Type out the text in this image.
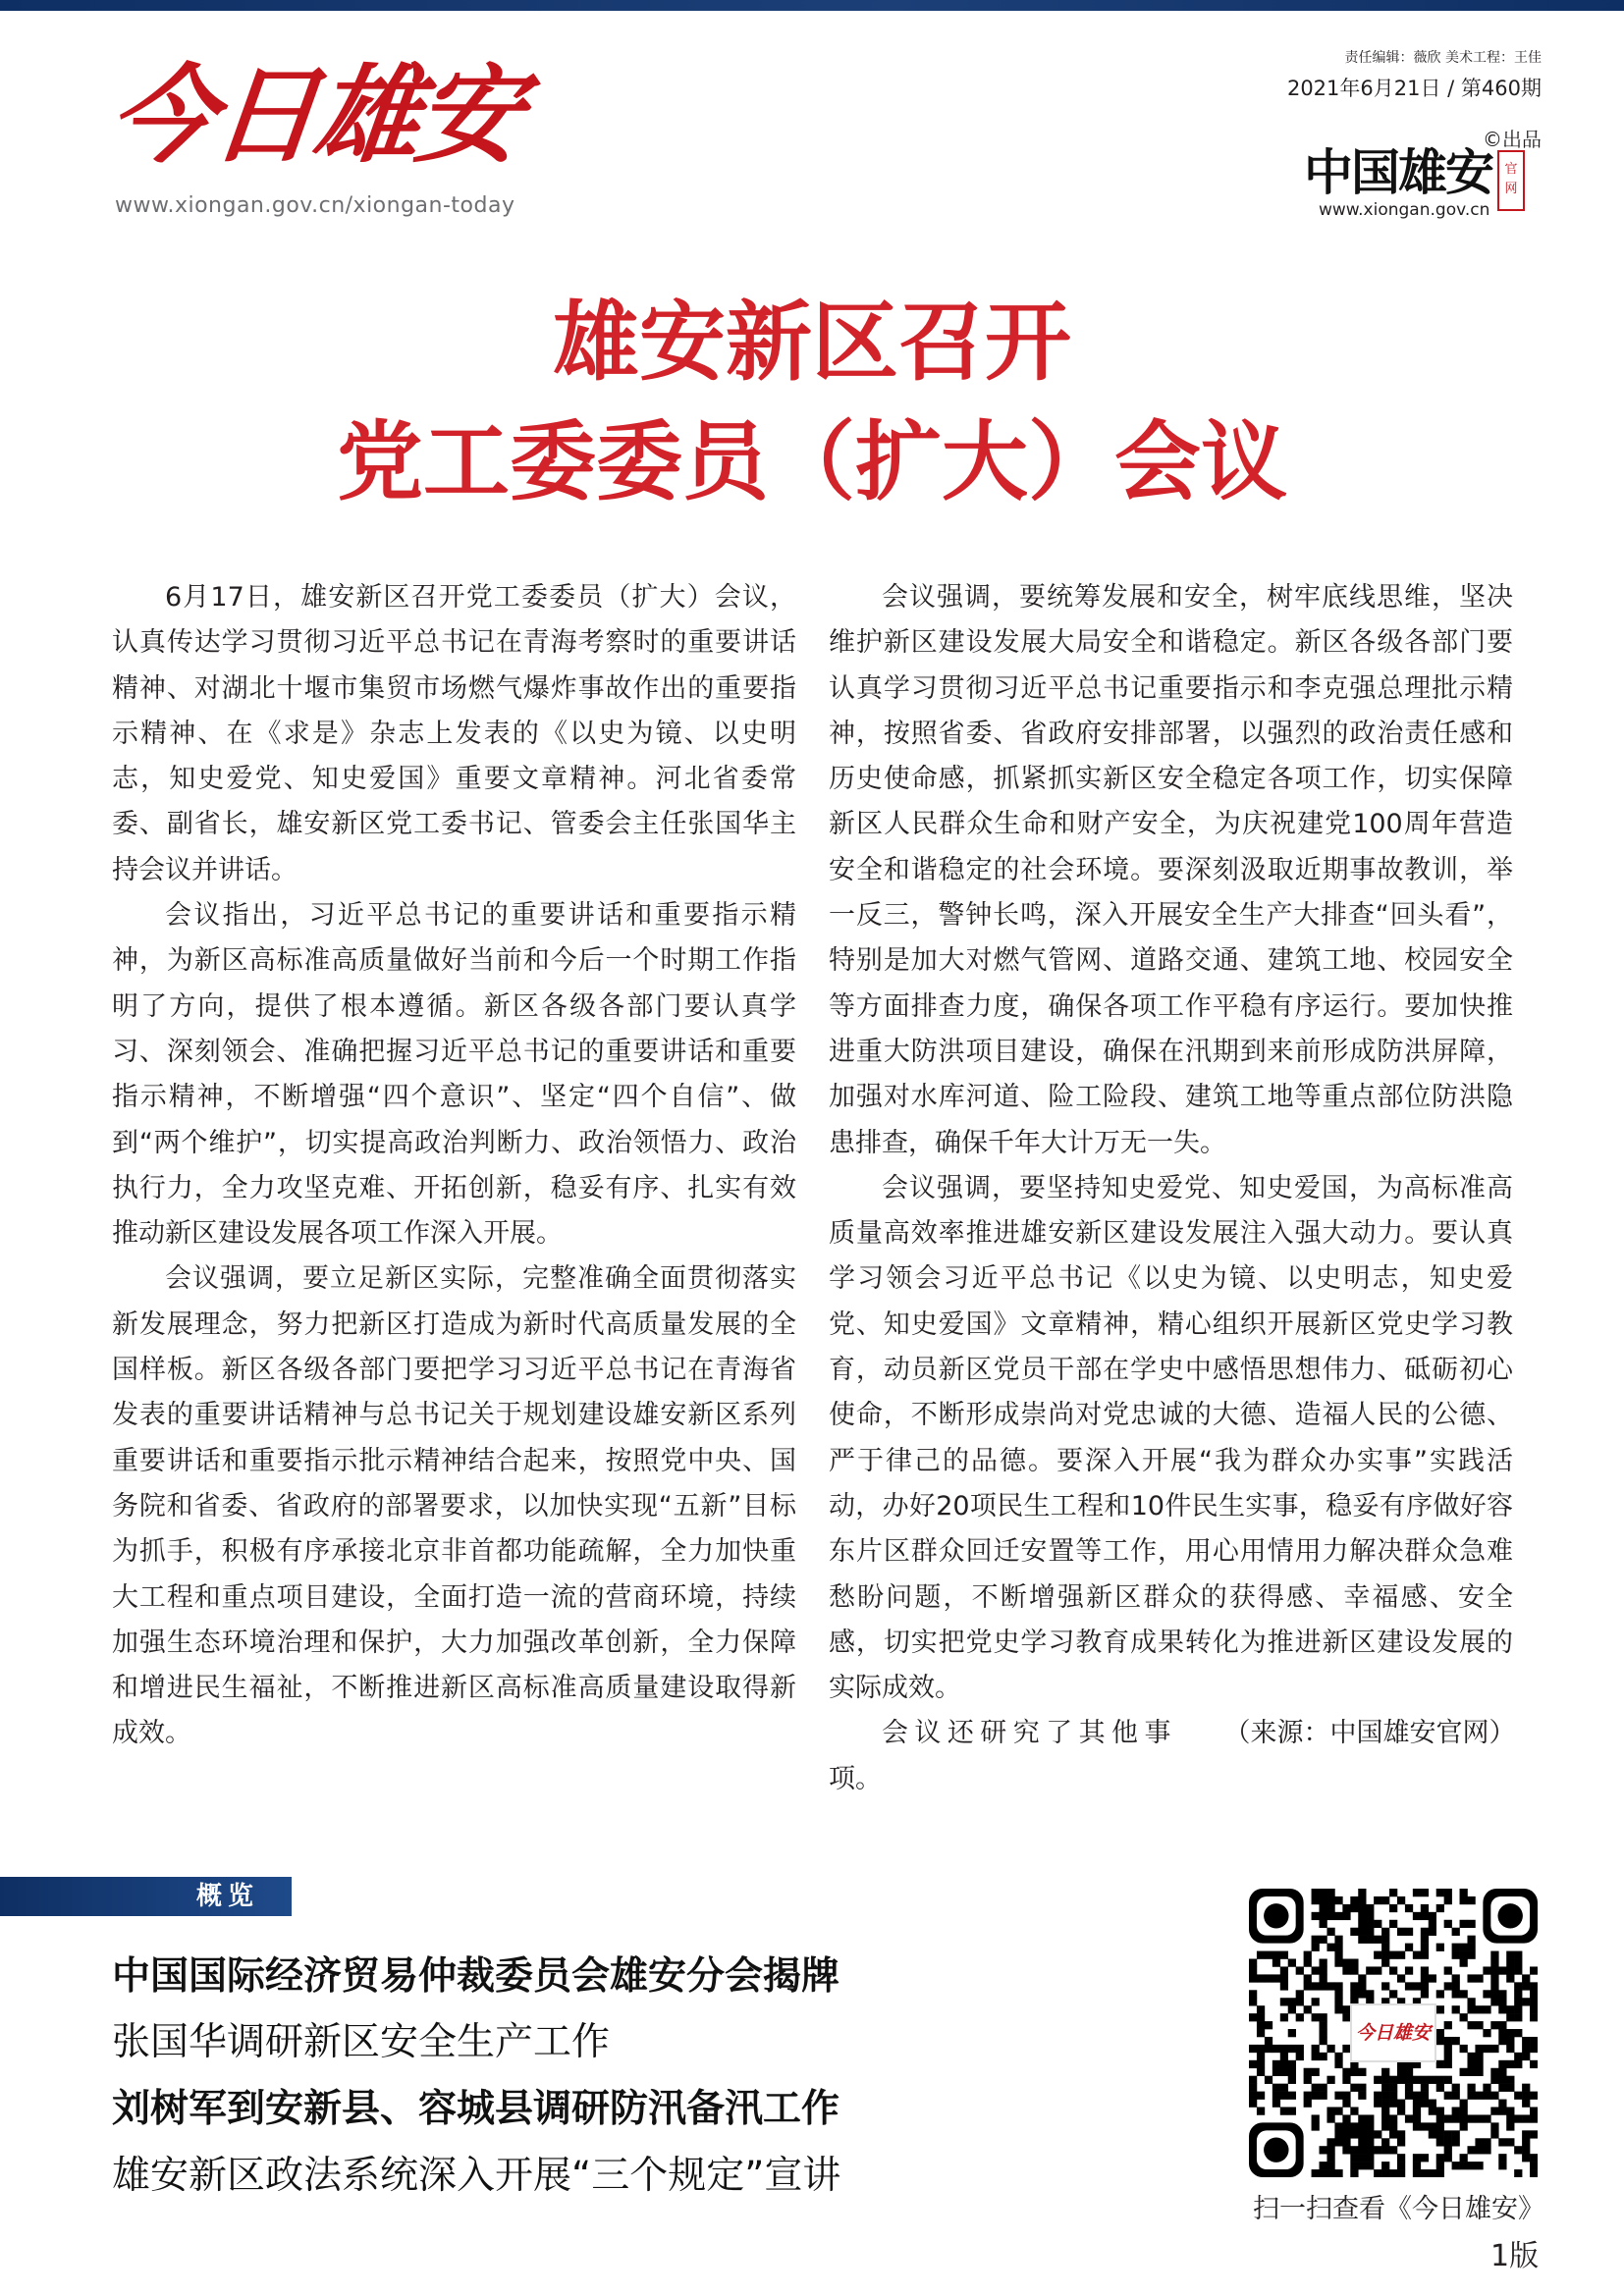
今日雄安
www.xiongan.gov.cn/xiongan-today
责任编辑：薇欣 美术工程：王佳
2021年6月21日 / 第460期
©出品
中国雄安 官网
www.xiongan.gov.cn
雄安新区召开
党工委委员（扩大）会议

6月17日，雄安新区召开党工委委员（扩大）会议，认真传达学习贯彻习近平总书记在青海考察时的重要讲话精神、对湖北十堰市集贸市场燃气爆炸事故作出的重要指示精神、在《求是》杂志上发表的《以史为镜、以史明志，知史爱党、知史爱国》重要文章精神。河北省委常委、副省长，雄安新区党工委书记、管委会主任张国华主持会议并讲话。

会议指出，习近平总书记的重要讲话和重要指示精神，为新区高标准高质量做好当前和今后一个时期工作指明了方向，提供了根本遵循。新区各级各部门要认真学习、深刻领会、准确把握习近平总书记的重要讲话和重要指示精神，不断增强“四个意识”、坚定“四个自信”、做到“两个维护”，切实提高政治判断力、政治领悟力、政治执行力，全力攻坚克难、开拓创新，稳妥有序、扎实有效推动新区建设发展各项工作深入开展。

会议强调，要立足新区实际，完整准确全面贯彻落实新发展理念，努力把新区打造成为新时代高质量发展的全国样板。新区各级各部门要把学习习近平总书记在青海省发表的重要讲话精神与总书记关于规划建设雄安新区系列重要讲话和重要指示批示精神结合起来，按照党中央、国务院和省委、省政府的部署要求，以加快实现“五新”目标为抓手，积极有序承接北京非首都功能疏解，全力加快重大工程和重点项目建设，全面打造一流的营商环境，持续加强生态环境治理和保护，大力加强改革创新，全力保障和增进民生福祉，不断推进新区高标准高质量建设取得新成效。

会议强调，要统筹发展和安全，树牢底线思维，坚决维护新区建设发展大局安全和谐稳定。新区各级各部门要认真学习贯彻习近平总书记重要指示和李克强总理批示精神，按照省委、省政府安排部署，以强烈的政治责任感和历史使命感，抓紧抓实新区安全稳定各项工作，切实保障新区人民群众生命和财产安全，为庆祝建党100周年营造安全和谐稳定的社会环境。要深刻汲取近期事故教训，举一反三，警钟长鸣，深入开展安全生产大排查“回头看”，特别是加大对燃气管网、道路交通、建筑工地、校园安全等方面排查力度，确保各项工作平稳有序运行。要加快推进重大防洪项目建设，确保在汛期到来前形成防洪屏障，加强对水库河道、险工险段、建筑工地等重点部位防洪隐患排查，确保千年大计万无一失。

会议强调，要坚持知史爱党、知史爱国，为高标准高质量高效率推进雄安新区建设发展注入强大动力。要认真学习领会习近平总书记《以史为镜、以史明志，知史爱党、知史爱国》文章精神，精心组织开展新区党史学习教育，动员新区党员干部在学史中感悟思想伟力、砥砺初心使命，不断形成崇尚对党忠诚的大德、造福人民的公德、严于律己的品德。要深入开展“我为群众办实事”实践活动，办好20项民生工程和10件民生实事，稳妥有序做好容东片区群众回迁安置等工作，用心用情用力解决群众急难愁盼问题，不断增强新区群众的获得感、幸福感、安全感，切实把党史学习教育成果转化为推进新区建设发展的实际成效。

会议还研究了其他事项。
（来源：中国雄安官网）

概览
中国国际经济贸易仲裁委员会雄安分会揭牌
张国华调研新区安全生产工作
刘树军到安新县、容城县调研防汛备汛工作
雄安新区政法系统深入开展“三个规定”宣讲
今日雄安
扫一扫查看《今日雄安》
1版
